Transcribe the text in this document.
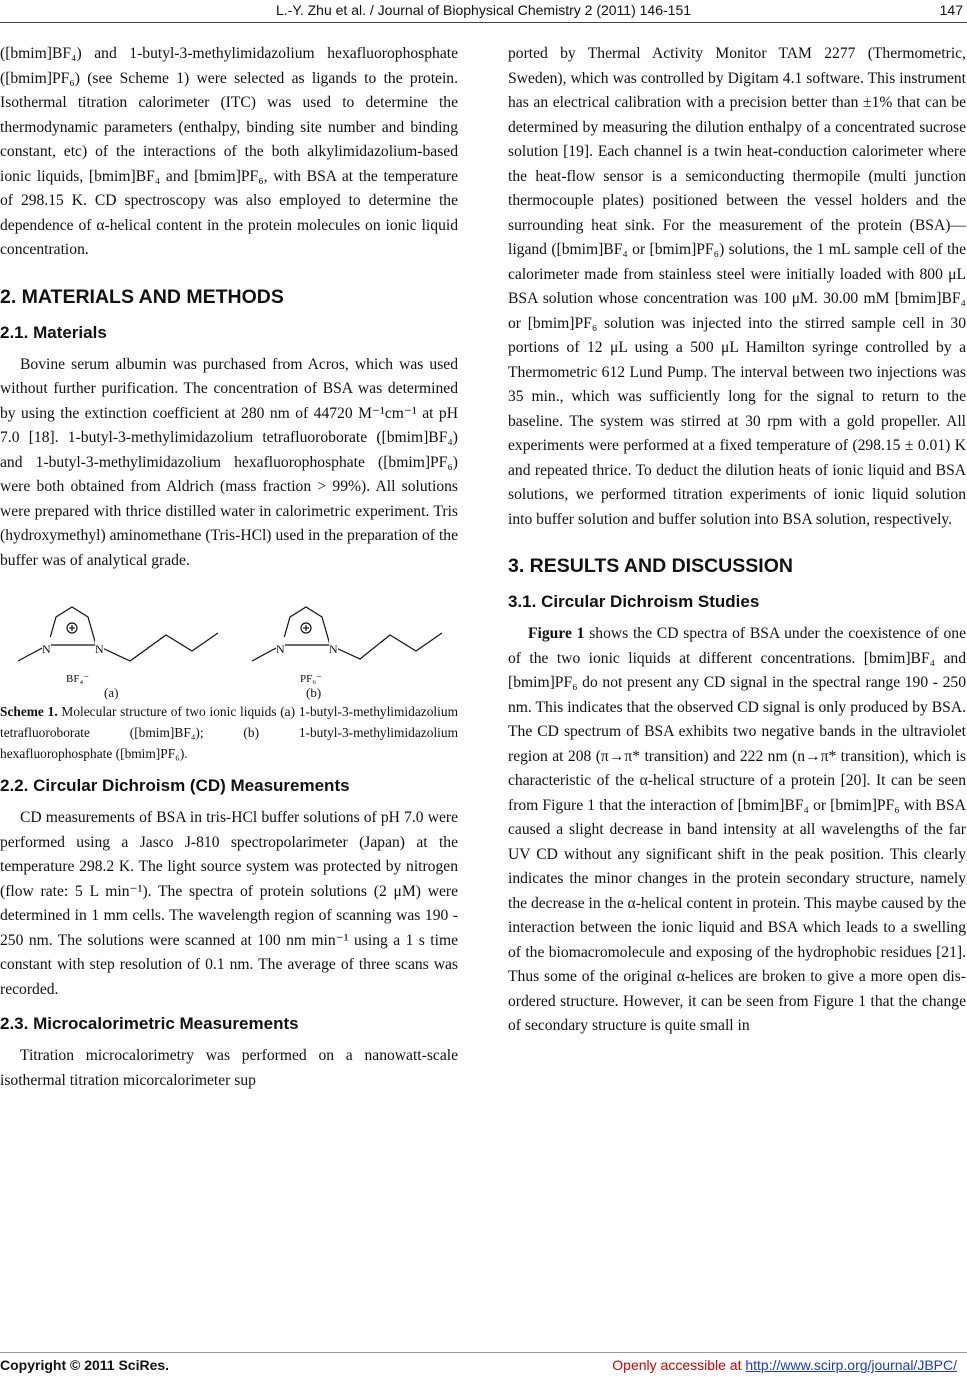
L.-Y. Zhu et al. / Journal of Biophysical Chemistry 2 (2011) 146-151	147

([bmim]BF₄) and 1-butyl-3-methylimidazolium hexafluorophosphate ([bmim]PF₆) (see Scheme 1) were selected as ligands to the protein. Isothermal titration calorimeter (ITC) was used to determine the thermodynamic parameters (enthalpy, binding site number and binding constant, etc) of the interactions of the both alkylimidazolium-based ionic liquids, [bmim]BF₄ and [bmim]PF₆, with BSA at the temperature of 298.15 K. CD spectroscopy was also employed to determine the dependence of α-helical content in the protein molecules on ionic liquid concentration.

2. MATERIALS AND METHODS
2.1. Materials

Bovine serum albumin was purchased from Acros, which was used without further purification. The concentration of BSA was determined by using the extinction coefficient at 280 nm of 44720 M⁻¹cm⁻¹ at pH 7.0 [18]. 1-butyl-3-methylimidazolium tetrafluoroborate ([bmim]BF₄) and 1-butyl-3-methylimidazolium hexafluorophosphate ([bmim]PF₆) were both obtained from Aldrich (mass fraction > 99%). All solutions were prepared with thrice distilled water in calorimetric experiment. Tris (hydroxymethyl) aminomethane (Tris-HCl) used in the preparation of the buffer was of analytical grade.

N	N	N	N
BF₄⁻	PF₆⁻
(a)	(b)

Scheme 1. Molecular structure of two ionic liquids (a) 1-butyl-3-methylimidazolium tetrafluoroborate ([bmim]BF₄); (b) 1-butyl-3-methylimidazolium hexafluorophosphate ([bmim]PF₆).

2.2. Circular Dichroism (CD) Measurements

CD measurements of BSA in tris-HCl buffer solutions of pH 7.0 were performed using a Jasco J-810 spectropolarimeter (Japan) at the temperature 298.2 K. The light source system was protected by nitrogen (flow rate: 5 L min⁻¹). The spectra of protein solutions (2 μM) were determined in 1 mm cells. The wavelength region of scanning was 190 - 250 nm. The solutions were scanned at 100 nm min⁻¹ using a 1 s time constant with step resolution of 0.1 nm. The average of three scans was recorded.

2.3. Microcalorimetric Measurements

Titration microcalorimetry was performed on a nanowatt-scale isothermal titration micorcalorimeter sup

ported by Thermal Activity Monitor TAM 2277 (Thermometric, Sweden), which was controlled by Digitam 4.1 software. This instrument has an electrical calibration with a precision better than ±1% that can be determined by measuring the dilution enthalpy of a concentrated sucrose solution [19]. Each channel is a twin heat-conduction calorimeter where the heat-flow sensor is a semiconducting thermopile (multi junction thermocouple plates) positioned between the vessel holders and the surrounding heat sink. For the measurement of the protein (BSA)—ligand ([bmim]BF₄ or [bmim]PF₆) solutions, the 1 mL sample cell of the calorimeter made from stainless steel were initially loaded with 800 μL BSA solution whose concentration was 100 μM. 30.00 mM [bmim]BF₄ or [bmim]PF₆ solution was injected into the stirred sample cell in 30 portions of 12 μL using a 500 μL Hamilton syringe controlled by a Thermometric 612 Lund Pump. The interval between two injections was 35 min., which was sufficiently long for the signal to return to the baseline. The system was stirred at 30 rpm with a gold propeller. All experiments were performed at a fixed temperature of (298.15 ± 0.01) K and repeated thrice. To deduct the dilution heats of ionic liquid and BSA solutions, we performed titration experiments of ionic liquid solution into buffer solution and buffer solution into BSA solution, respectively.

3. RESULTS AND DISCUSSION
3.1. Circular Dichroism Studies

Figure 1 shows the CD spectra of BSA under the coexistence of one of the two ionic liquids at different concentrations. [bmim]BF₄ and [bmim]PF₆ do not present any CD signal in the spectral range 190 - 250 nm. This indicates that the observed CD signal is only produced by BSA. The CD spectrum of BSA exhibits two negative bands in the ultraviolet region at 208 (π→π* transition) and 222 nm (n→π* transition), which is characteristic of the α-helical structure of a protein [20]. It can be seen from Figure 1 that the interaction of [bmim]BF₄ or [bmim]PF₆ with BSA caused a slight decrease in band intensity at all wavelengths of the far UV CD without any significant shift in the peak position. This clearly indicates the minor changes in the protein secondary structure, namely the decrease in the α-helical content in protein. This maybe caused by the interaction between the ionic liquid and BSA which leads to a swelling of the biomacromolecule and exposing of the hydrophobic residues [21]. Thus some of the original α-helices are broken to give a more open disordered structure. However, it can be seen from Figure 1 that the change of secondary structure is quite small in

Copyright © 2011 SciRes.	Openly accessible at http://www.scirp.org/journal/JBPC/
